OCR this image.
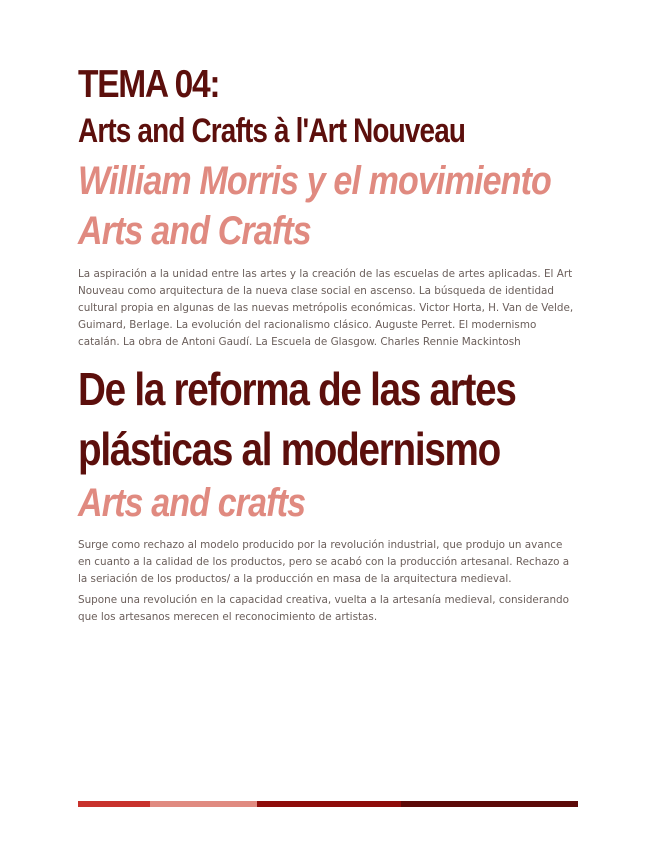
TEMA 04:
Arts and Crafts à l'Art Nouveau
William Morris y el movimiento
Arts and Crafts

La aspiración a la unidad entre las artes y la creación de las escuelas de artes aplicadas. El Art Nouveau como arquitectura de la nueva clase social en ascenso. La búsqueda de identidad cultural propia en algunas de las nuevas metrópolis económicas. Victor Horta, H. Van de Velde, Guimard, Berlage. La evolución del racionalismo clásico. Auguste Perret. El modernismo catalán. La obra de Antoni Gaudí. La Escuela de Glasgow. Charles Rennie Mackintosh

De la reforma de las artes
plásticas al modernismo
Arts and crafts

Surge como rechazo al modelo producido por la revolución industrial, que produjo un avance en cuanto a la calidad de los productos, pero se acabó con la producción artesanal. Rechazo a la seriación de los productos/ a la producción en masa de la arquitectura medieval.

Supone una revolución en la capacidad creativa, vuelta a la artesanía medieval, considerando que los artesanos merecen el reconocimiento de artistas.
